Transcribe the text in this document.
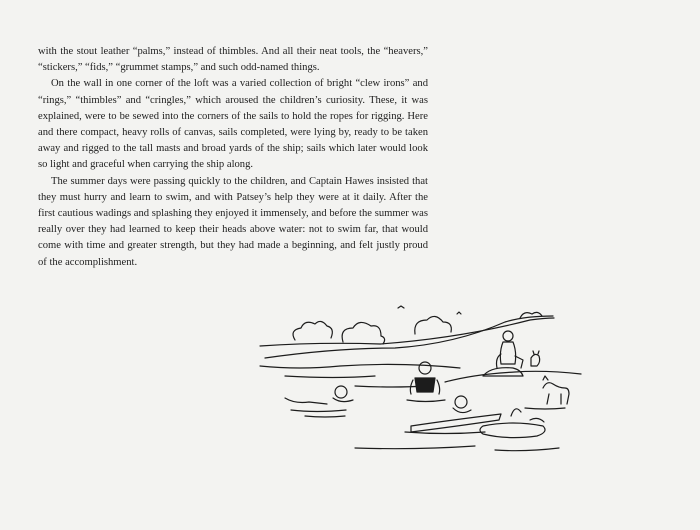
with the stout leather “palms,” instead of thimbles. And all their neat tools, the “heavers,” “stickers,” “fids,” “grummet stamps,” and such odd-named things.

On the wall in one corner of the loft was a varied collection of bright “clew irons” and “rings,” “thimbles” and “cringles,” which aroused the children’s curiosity. These, it was explained, were to be sewed into the corners of the sails to hold the ropes for rigging. Here and there compact, heavy rolls of canvas, sails completed, were lying by, ready to be taken away and rigged to the tall masts and broad yards of the ship; sails which later would look so light and graceful when carrying the ship along.

The summer days were passing quickly to the children, and Captain Hawes insisted that they must hurry and learn to swim, and with Patsey’s help they were at it daily. After the first cautious wadings and splashing they enjoyed it immensely, and before the summer was really over they had learned to keep their heads above water: not to swim far, that would come with time and greater strength, but they had made a beginning, and felt justly proud of the accomplishment.
